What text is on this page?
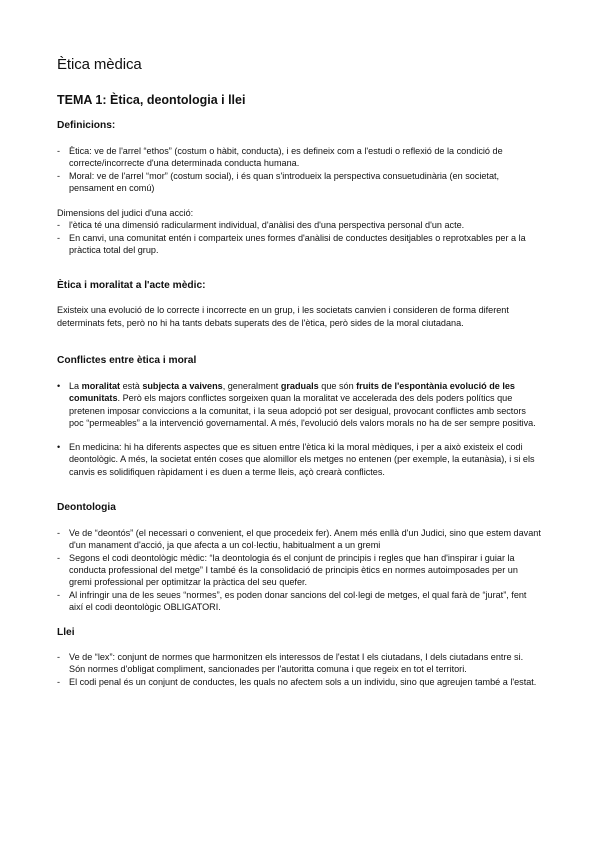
Ètica mèdica
TEMA 1: Ètica, deontologia i llei
Definicions:
- Ètica: ve de l'arrel “ethos” (costum o hàbit, conducta), i es defineix com a l'estudi o reflexió de la condició de correcte/incorrecte d'una determinada conducta humana.
- Moral: ve de l'arrel “mor” (costum social), i és quan s'introdueix la perspectiva consuetudinària (en societat, pensament en comú)

Dimensions del judici d'una acció:

- l'ètica té una dimensió radicularment individual, d'anàlisi des d'una perspectiva personal d'un acte.
- En canvi, una comunitat entén i comparteix unes formes d'anàlisi de conductes desitjables o reprotxables per a la pràctica total del grup.
Ètica i moralitat a l'acte mèdic:

Existeix una evolució de lo correcte i incorrecte en un grup, i les societats canvien i consideren de forma diferent determinats fets, però no hi ha tants debats superats des de l'ètica, però sides de la moral ciutadana.

Conflictes entre ètica i moral
• La moralitat està subjecta a vaivens, generalment graduals que són fruits de l'espontània evolució de les comunitats. Però els majors conflictes sorgeixen quan la moralitat ve accelerada des dels poders polítics que pretenen imposar conviccions a la comunitat, i la seua adopció pot ser desigual, provocant conflictes amb sectors poc “permeables” a la intervenció governamental. A més, l'evolució dels valors morals no ha de ser sempre positiva.
• En medicina: hi ha diferents aspectes que es situen entre l'ètica ki la moral mèdiques, i per a això existeix el codi deontològic. A més, la societat entén coses que alomillor els metges no entenen (per exemple, la eutanàsia), i si els canvis es solidifiquen ràpidament i es duen a terme lleis, açò crearà conflictes.
Deontologia
- Ve de “deontós” (el necessari o convenient, el que procedeix fer). Anem més enllà d'un Judici, sino que estem davant d'un manament d'acció, ja que afecta a un col·lectiu, habitualment a un gremi
- Segons el codi deontològic mèdic: “la deontologia és el conjunt de principis i regles que han d'inspirar i guiar la conducta professional del metge” I també és la consolidació de principis ètics en normes autoimposades per un gremi professional per optimitzar la pràctica del seu quefer.
- Al infringir una de les seues “normes”, es poden donar sancions del col·legi de metges, el qual farà de “jurat”, fent així el codi deontològic OBLIGATORI.
Llei
- Ve de “lex”: conjunt de normes que harmonitzen els interessos de l'estat I els ciutadans, I dels ciutadans entre si. Són normes d'obligat compliment, sancionades per l'autoritta comuna i que regeix en tot el territori.
- El codi penal és un conjunt de conductes, les quals no afectem sols a un individu, sino que agreujen també a l'estat.
